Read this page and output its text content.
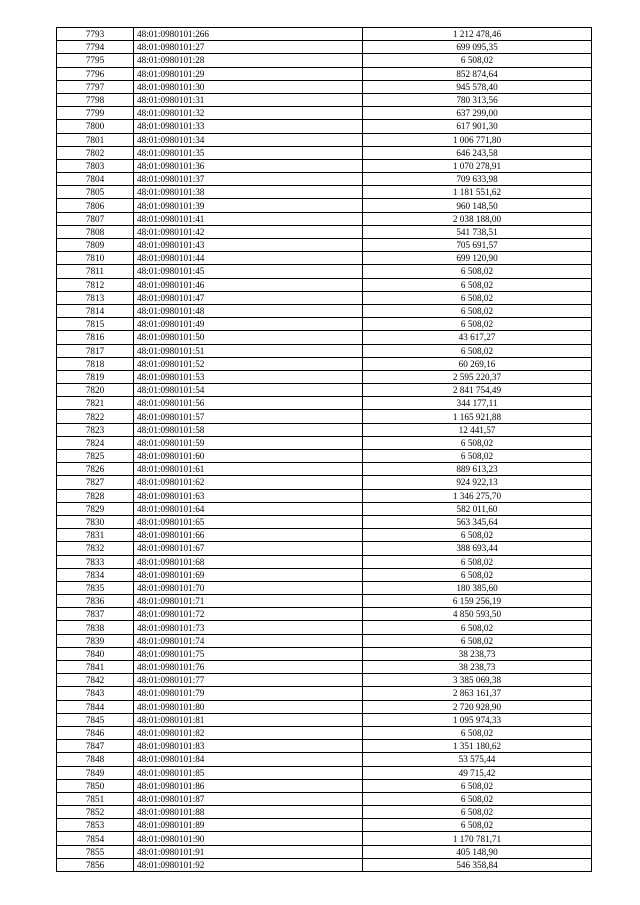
7793	48:01:0980101:266	1 212 478,46
7794	48:01:0980101:27	699 095,35
7795	48:01:0980101:28	6 508,02
7796	48:01:0980101:29	852 874,64
7797	48:01:0980101:30	945 578,40
7798	48:01:0980101:31	780 313,56
7799	48:01:0980101:32	637 299,00
7800	48:01:0980101:33	617 901,30
7801	48:01:0980101:34	1 006 771,80
7802	48:01:0980101:35	646 243,58
7803	48:01:0980101:36	1 070 278,91
7804	48:01:0980101:37	709 633,98
7805	48:01:0980101:38	1 181 551,62
7806	48:01:0980101:39	960 148,50
7807	48:01:0980101:41	2 038 188,00
7808	48:01:0980101:42	541 738,51
7809	48:01:0980101:43	705 691,57
7810	48:01:0980101:44	699 120,90
7811	48:01:0980101:45	6 508,02
7812	48:01:0980101:46	6 508,02
7813	48:01:0980101:47	6 508,02
7814	48:01:0980101:48	6 508,02
7815	48:01:0980101:49	6 508,02
7816	48:01:0980101:50	43 617,27
7817	48:01:0980101:51	6 508,02
7818	48:01:0980101:52	60 269,16
7819	48:01:0980101:53	2 595 220,37
7820	48:01:0980101:54	2 841 754,49
7821	48:01:0980101:56	344 177,11
7822	48:01:0980101:57	1 165 921,88
7823	48:01:0980101:58	12 441,57
7824	48:01:0980101:59	6 508,02
7825	48:01:0980101:60	6 508,02
7826	48:01:0980101:61	889 613,23
7827	48:01:0980101:62	924 922,13
7828	48:01:0980101:63	1 346 275,70
7829	48:01:0980101:64	582 011,60
7830	48:01:0980101:65	563 345,64
7831	48:01:0980101:66	6 508,02
7832	48:01:0980101:67	388 693,44
7833	48:01:0980101:68	6 508,02
7834	48:01:0980101:69	6 508,02
7835	48:01:0980101:70	180 385,60
7836	48:01:0980101:71	6 159 256,19
7837	48:01:0980101:72	4 850 593,50
7838	48:01:0980101:73	6 508,02
7839	48:01:0980101:74	6 508,02
7840	48:01:0980101:75	38 238,73
7841	48:01:0980101:76	38 238,73
7842	48:01:0980101:77	3 385 069,38
7843	48:01:0980101:79	2 863 161,37
7844	48:01:0980101:80	2 720 928,90
7845	48:01:0980101:81	1 095 974,33
7846	48:01:0980101:82	6 508,02
7847	48:01:0980101:83	1 351 180,62
7848	48:01:0980101:84	53 575,44
7849	48:01:0980101:85	49 715,42
7850	48:01:0980101:86	6 508,02
7851	48:01:0980101:87	6 508,02
7852	48:01:0980101:88	6 508,02
7853	48:01:0980101:89	6 508,02
7854	48:01:0980101:90	1 170 781,71
7855	48:01:0980101:91	405 148,90
7856	48:01:0980101:92	546 358,84
